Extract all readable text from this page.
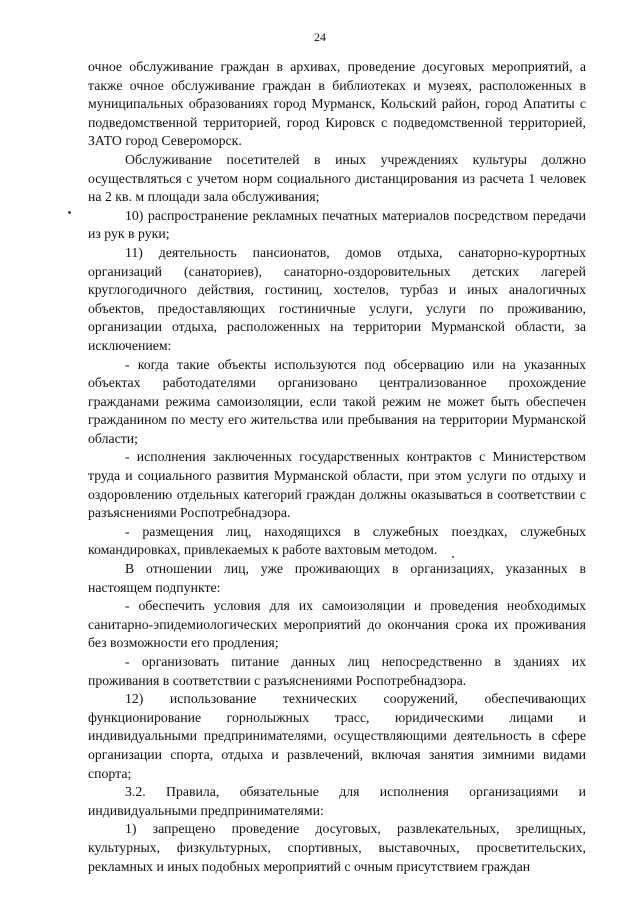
24

очное обслуживание граждан в архивах, проведение досуговых мероприятий, а также очное обслуживание граждан в библиотеках и музеях, расположенных в муниципальных образованиях город Мурманск, Кольский район, город Апатиты с подведомственной территорией, город Кировск с подведомственной территорией, ЗАТО город Североморск.

Обслуживание посетителей в иных учреждениях культуры должно осуществляться с учетом норм социального дистанцирования из расчета 1 человек на 2 кв. м площади зала обслуживания;

10) распространение рекламных печатных материалов посредством передачи из рук в руки;

11) деятельность пансионатов, домов отдыха, санаторно-курортных организаций (санаториев), санаторно-оздоровительных детских лагерей круглогодичного действия, гостиниц, хостелов, турбаз и иных аналогичных объектов, предоставляющих гостиничные услуги, услуги по проживанию, организации отдыха, расположенных на территории Мурманской области, за исключением:

- когда такие объекты используются под обсервацию или на указанных объектах работодателями организовано централизованное прохождение гражданами режима самоизоляции, если такой режим не может быть обеспечен гражданином по месту его жительства или пребывания на территории Мурманской области;

- исполнения заключенных государственных контрактов с Министерством труда и социального развития Мурманской области, при этом услуги по отдыху и оздоровлению отдельных категорий граждан должны оказываться в соответствии с разъяснениями Роспотребнадзора.

- размещения лиц, находящихся в служебных поездках, служебных командировках, привлекаемых к работе вахтовым методом.

В отношении лиц, уже проживающих в организациях, указанных в настоящем подпункте:

- обеспечить условия для их самоизоляции и проведения необходимых санитарно-эпидемиологических мероприятий до окончания срока их проживания без возможности его продления;

- организовать питание данных лиц непосредственно в зданиях их проживания в соответствии с разъяснениями Роспотребнадзора.

12) использование технических сооружений, обеспечивающих функционирование горнолыжных трасс, юридическими лицами и индивидуальными предпринимателями, осуществляющими деятельность в сфере организации спорта, отдыха и развлечений, включая занятия зимними видами спорта;

3.2. Правила, обязательные для исполнения организациями и индивидуальными предпринимателями:

1) запрещено проведение досуговых, развлекательных, зрелищных, культурных, физкультурных, спортивных, выставочных, просветительских, рекламных и иных подобных мероприятий с очным присутствием граждан
